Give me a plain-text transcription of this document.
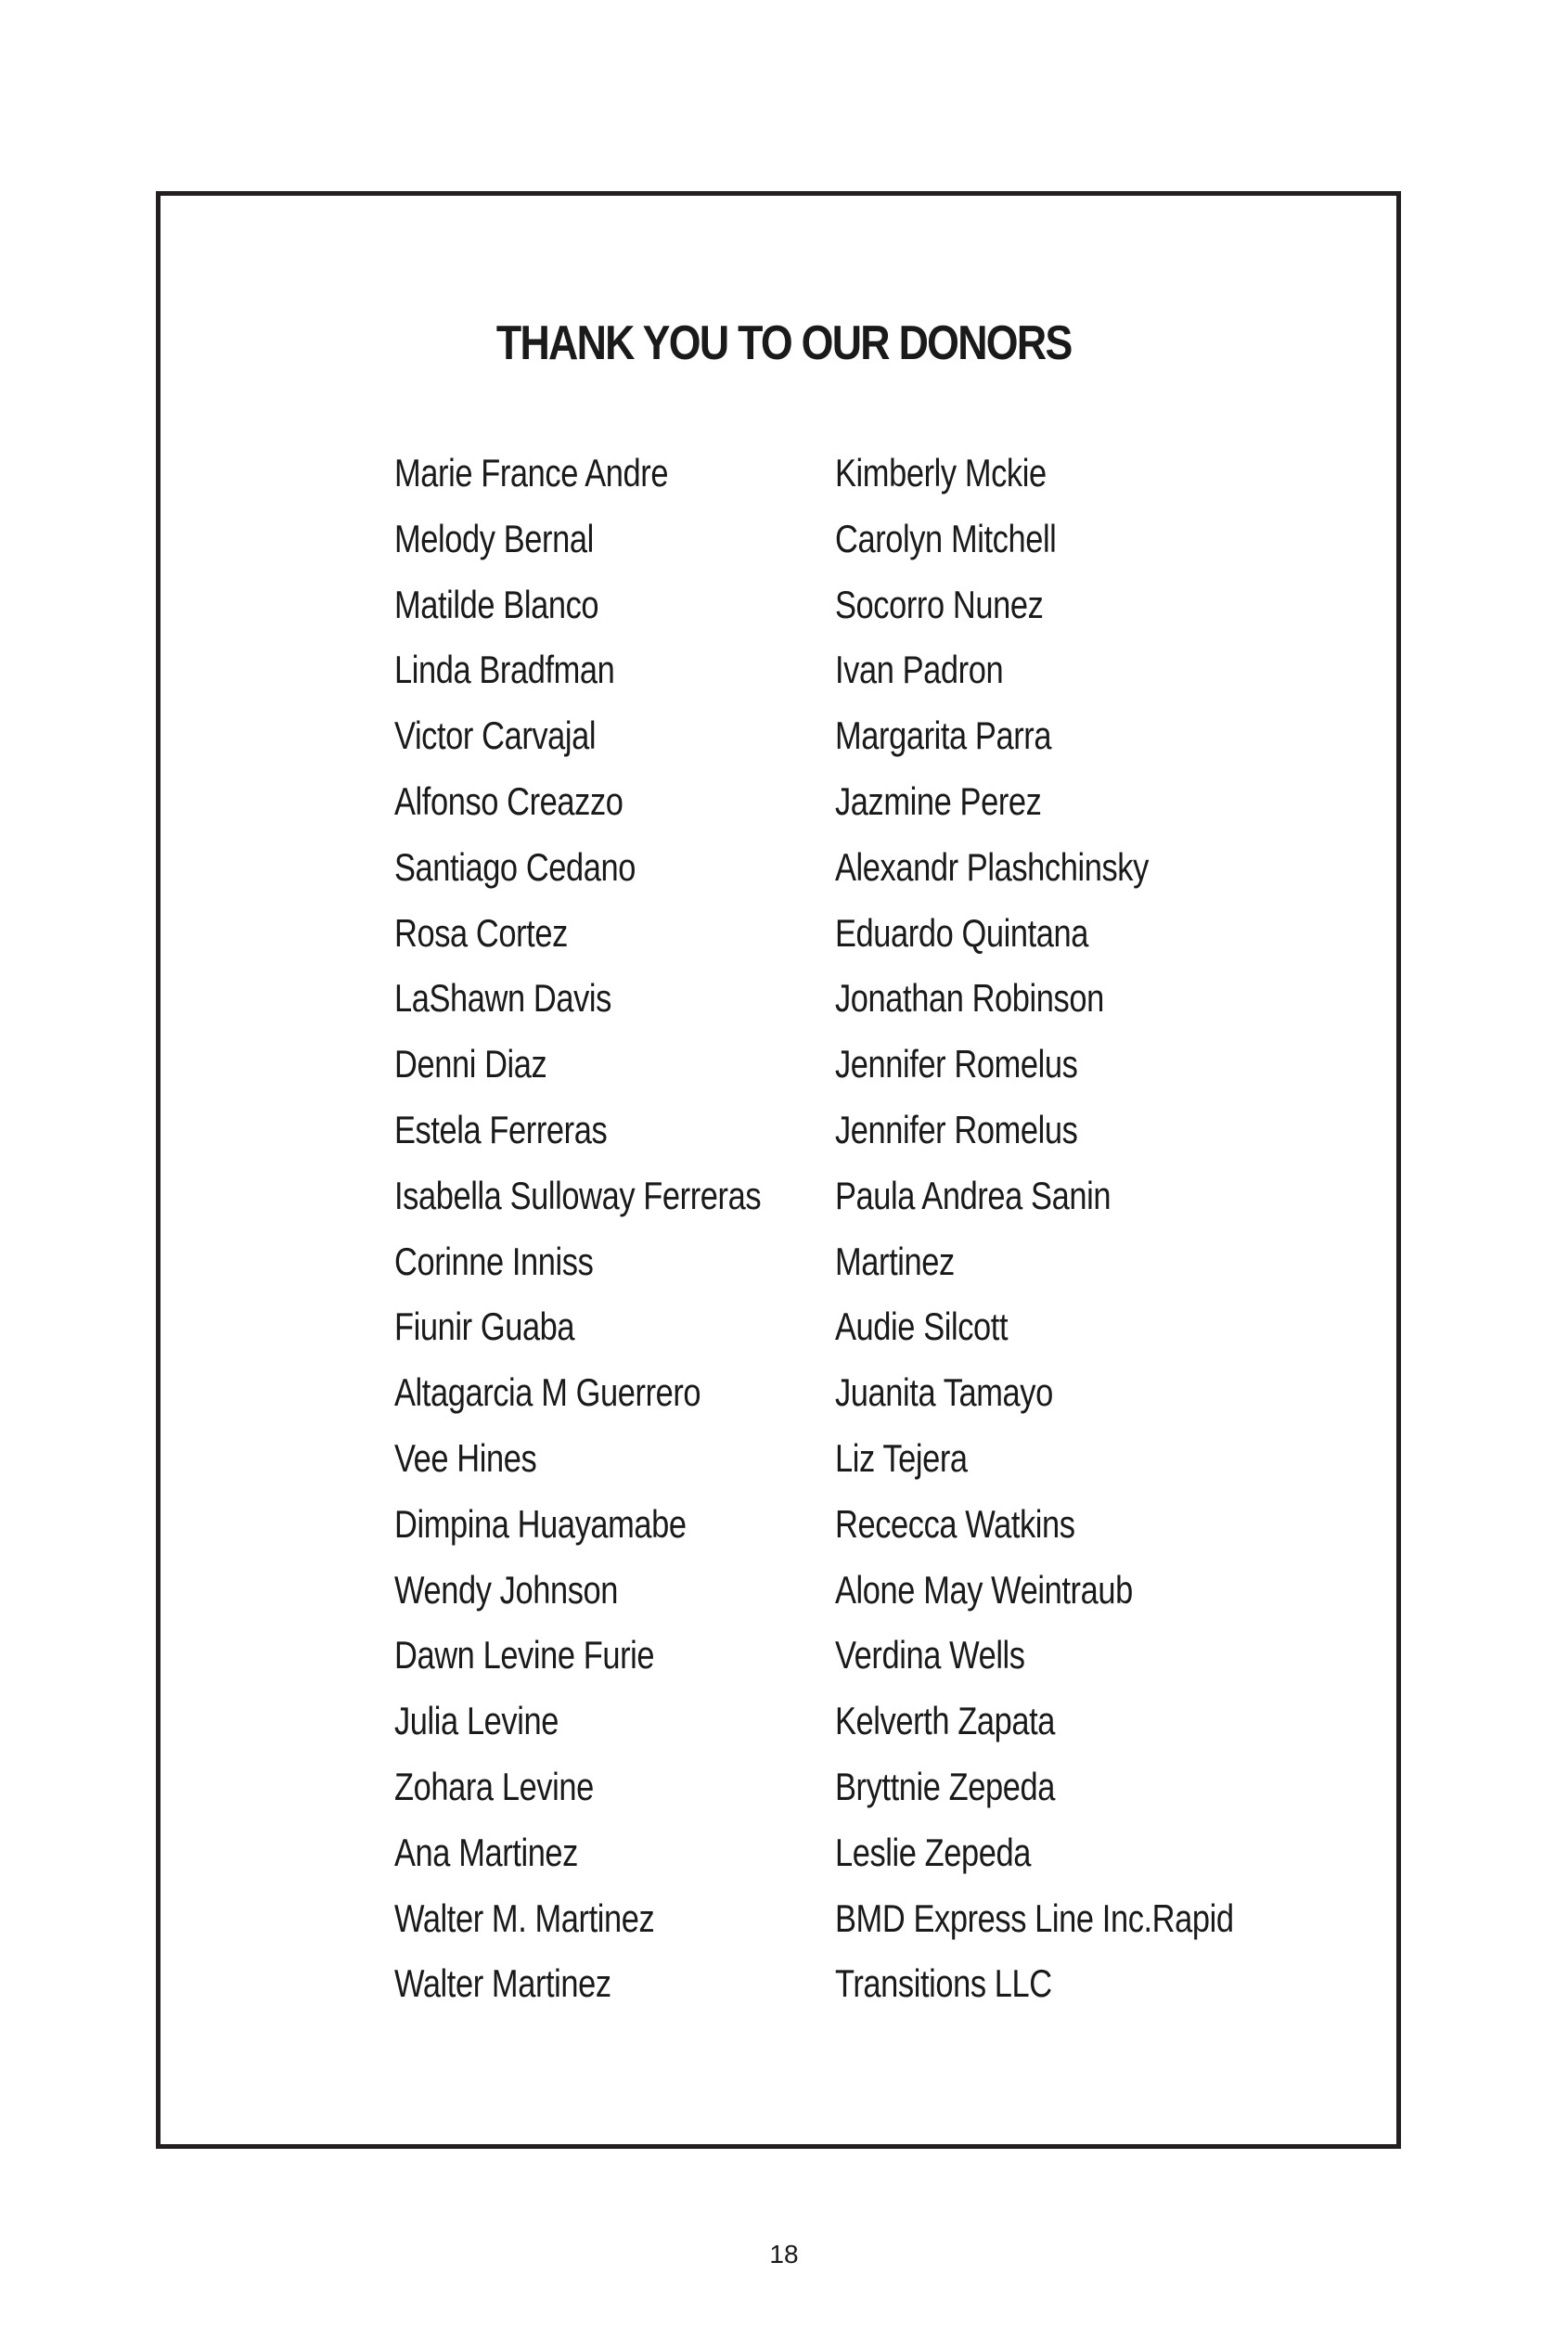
THANK YOU TO OUR DONORS
Marie France Andre
Melody Bernal
Matilde Blanco
Linda Bradfman
Victor Carvajal
Alfonso Creazzo
Santiago Cedano
Rosa Cortez
LaShawn Davis
Denni Diaz
Estela Ferreras
Isabella Sulloway Ferreras
Corinne Inniss
Fiunir Guaba
Altagarcia M Guerrero
Vee Hines
Dimpina Huayamabe
Wendy Johnson
Dawn Levine Furie
Julia Levine
Zohara Levine
Ana Martinez
Walter M. Martinez
Walter Martinez
Kimberly Mckie
Carolyn Mitchell
Socorro Nunez
Ivan Padron
Margarita Parra
Jazmine Perez
Alexandr Plashchinsky
Eduardo Quintana
Jonathan Robinson
Jennifer Romelus
Jennifer Romelus
Paula Andrea Sanin
Martinez
Audie Silcott
Juanita Tamayo
Liz Tejera
Rececca Watkins
Alone May Weintraub
Verdina Wells
Kelverth Zapata
Bryttnie Zepeda
Leslie Zepeda
BMD Express Line Inc.Rapid
Transitions LLC
18
